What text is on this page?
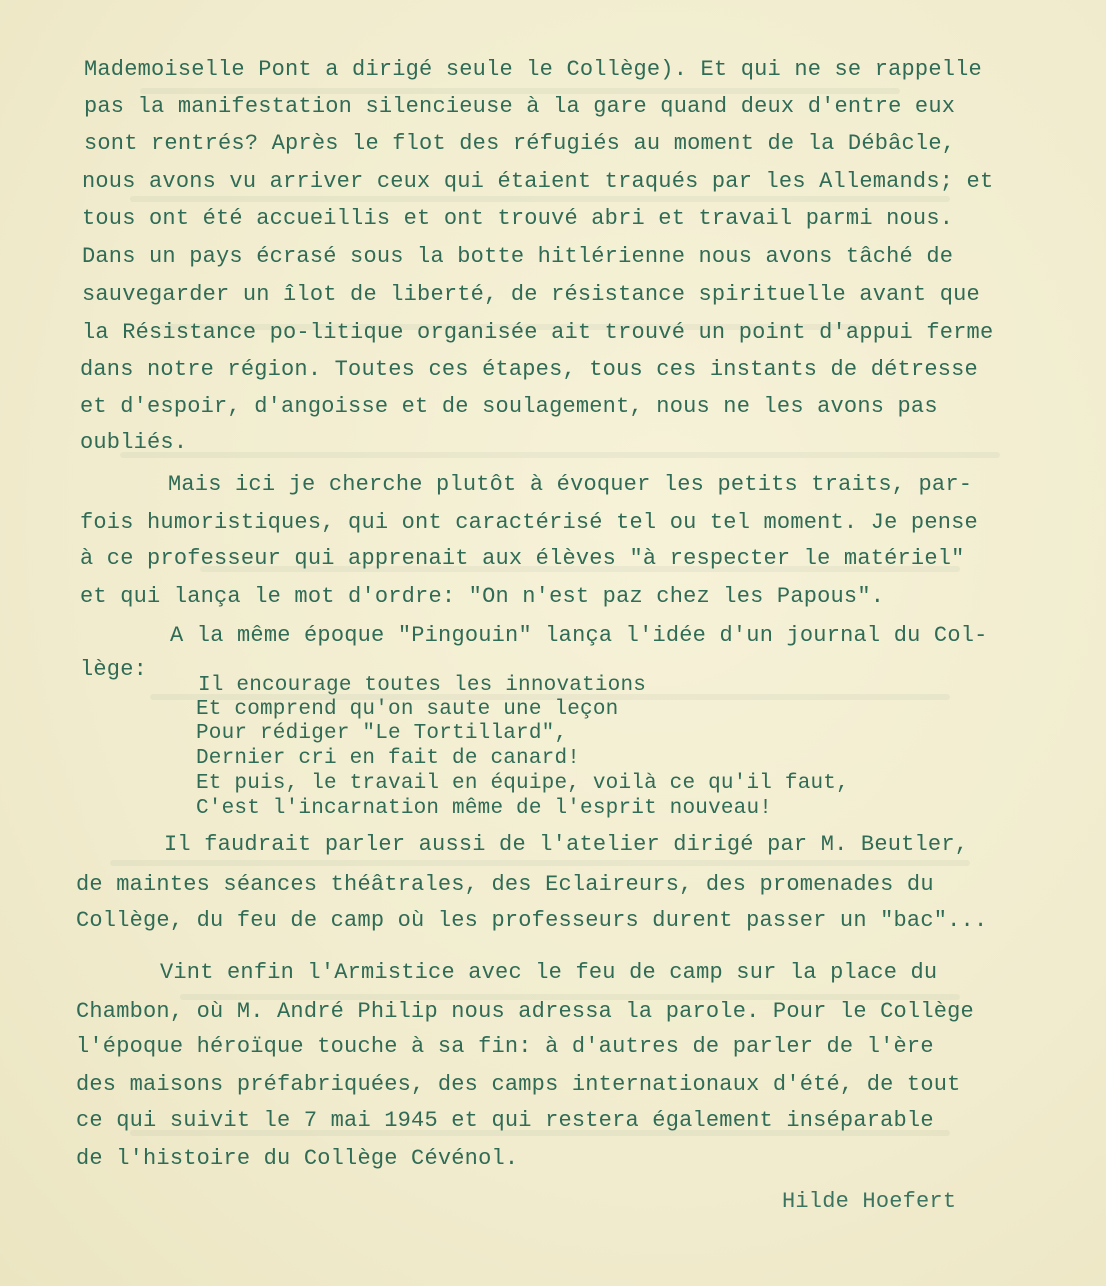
Mademoiselle Pont a dirigé seule le Collège). Et qui ne se rappelle
pas la manifestation silencieuse à la gare quand deux d'entre eux
sont rentrés? Après le flot des réfugiés au moment de la Débâcle,
nous avons vu arriver ceux qui étaient traqués par les Allemands; et
tous ont été accueillis et ont trouvé abri et travail parmi nous.
Dans un pays écrasé sous la botte hitlérienne nous avons tâché de
sauvegarder un îlot de liberté, de résistance spirituelle avant que
la Résistance po-litique organisée ait trouvé un point d'appui ferme
dans notre région. Toutes ces étapes, tous ces instants de détresse
et d'espoir, d'angoisse et de soulagement, nous ne les avons pas
oubliés.
Mais ici je cherche plutôt à évoquer les petits traits, par-
fois humoristiques, qui ont caractérisé tel ou tel moment. Je pense
à ce professeur qui apprenait aux élèves "à respecter le matériel"
et qui lança le mot d'ordre: "On n'est paz chez les Papous".
A la même époque "Pingouin" lança l'idée d'un journal du Col-
lège:
Il encourage toutes les innovations
Et comprend qu'on saute une leçon
Pour rédiger "Le Tortillard",
Dernier cri en fait de canard!
Et puis, le travail en équipe, voilà ce qu'il faut,
C'est l'incarnation même de l'esprit nouveau!
Il faudrait parler aussi de l'atelier dirigé par M. Beutler,
de maintes séances théâtrales, des Eclaireurs, des promenades du
Collège, du feu de camp où les professeurs durent passer un "bac"...
Vint enfin l'Armistice avec le feu de camp sur la place du
Chambon, où M. André Philip nous adressa la parole. Pour le Collège
l'époque héroïque touche à sa fin: à d'autres de parler de l'ère
des maisons préfabriquées, des camps internationaux d'été, de tout
ce qui suivit le 7 mai 1945 et qui restera également inséparable
de l'histoire du Collège Cévénol.
Hilde Hoefert
